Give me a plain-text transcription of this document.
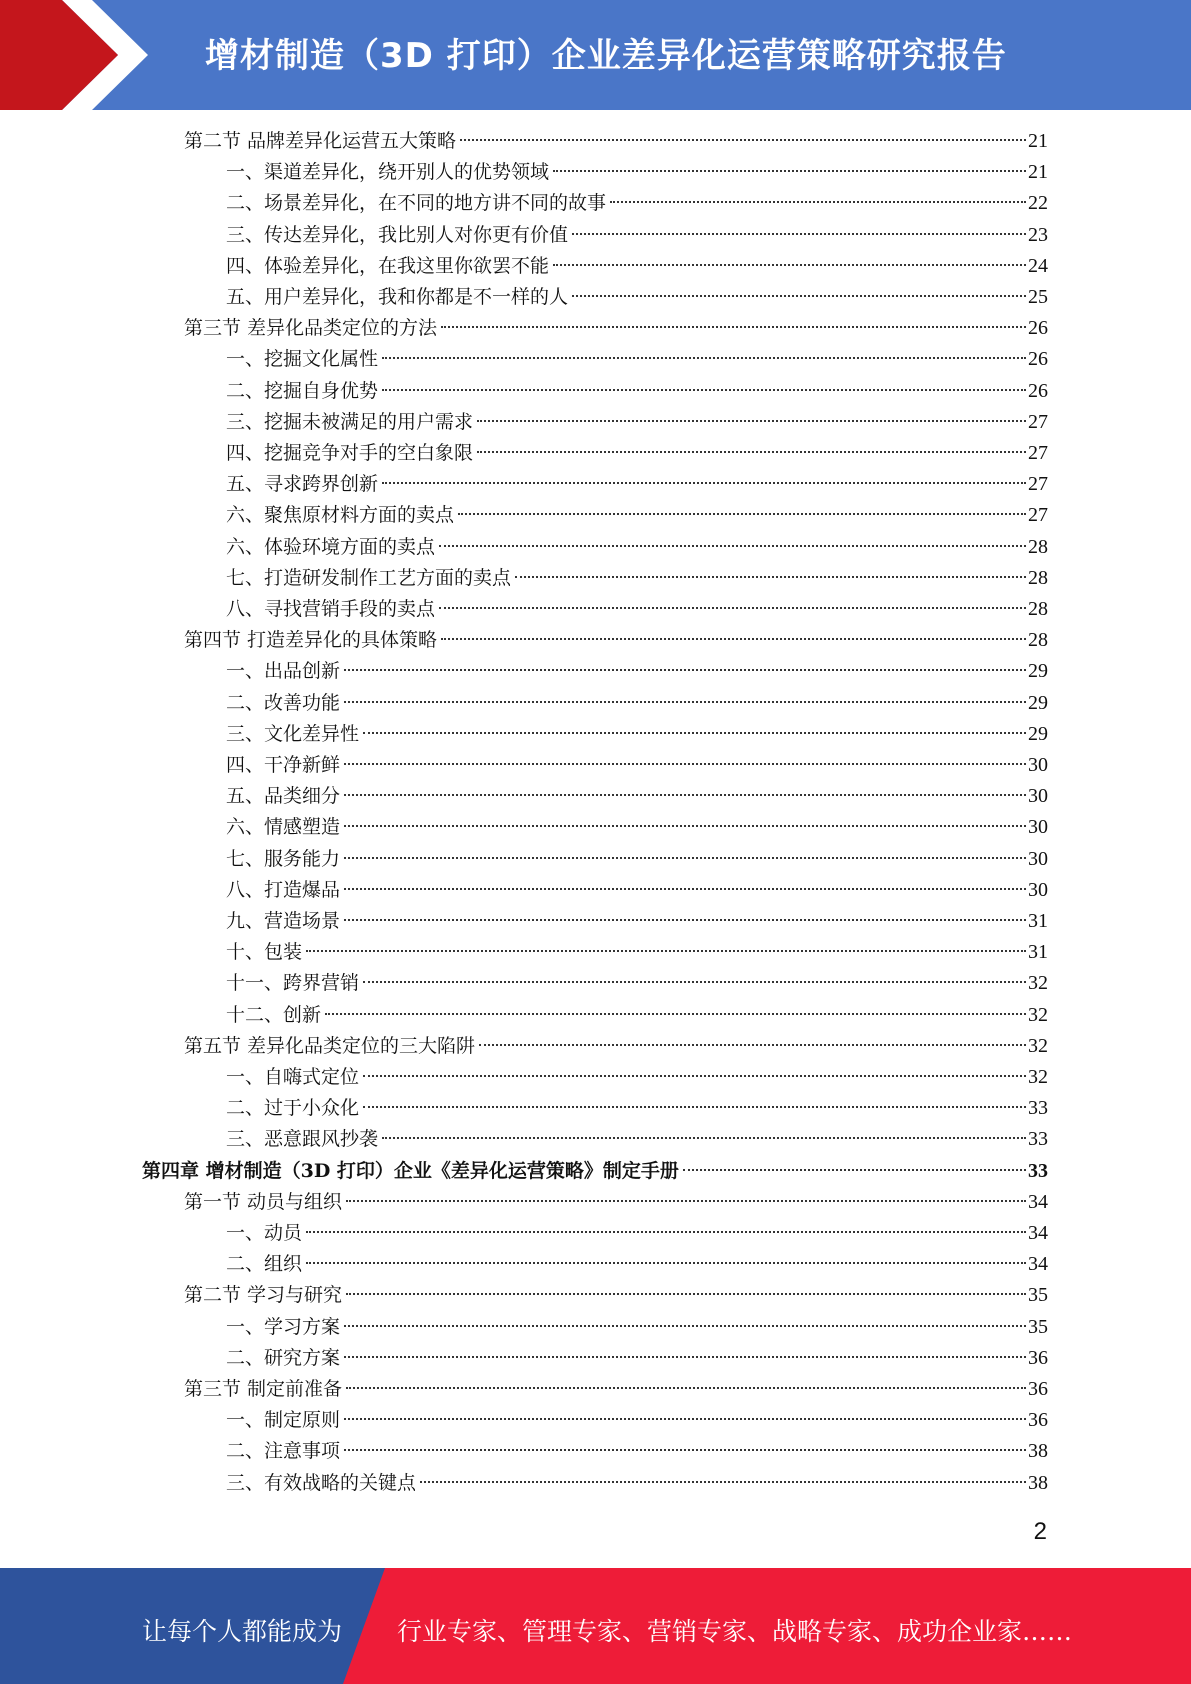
增材制造（3D 打印）企业差异化运营策略研究报告
第二节 品牌差异化运营五大策略	21
一、渠道差异化，绕开别人的优势领域	21
二、场景差异化，在不同的地方讲不同的故事	22
三、传达差异化，我比别人对你更有价值	23
四、体验差异化，在我这里你欲罢不能	24
五、用户差异化，我和你都是不一样的人	25
第三节 差异化品类定位的方法	26
一、挖掘文化属性	26
二、挖掘自身优势	26
三、挖掘未被满足的用户需求	27
四、挖掘竞争对手的空白象限	27
五、寻求跨界创新	27
六、聚焦原材料方面的卖点	27
六、体验环境方面的卖点	28
七、打造研发制作工艺方面的卖点	28
八、寻找营销手段的卖点	28
第四节 打造差异化的具体策略	28
一、出品创新	29
二、改善功能	29
三、文化差异性	29
四、干净新鲜	30
五、品类细分	30
六、情感塑造	30
七、服务能力	30
八、打造爆品	30
九、营造场景	31
十、包装	31
十一、跨界营销	32
十二、创新	32
第五节 差异化品类定位的三大陷阱	32
一、自嗨式定位	32
二、过于小众化	33
三、恶意跟风抄袭	33
第四章 增材制造（3D 打印）企业《差异化运营策略》制定手册	33
第一节 动员与组织	34
一、动员	34
二、组织	34
第二节 学习与研究	35
一、学习方案	35
二、研究方案	36
第三节 制定前准备	36
一、制定原则	36
二、注意事项	38
三、有效战略的关键点	38
2
让每个人都能成为 行业专家、管理专家、营销专家、战略专家、成功企业家……
